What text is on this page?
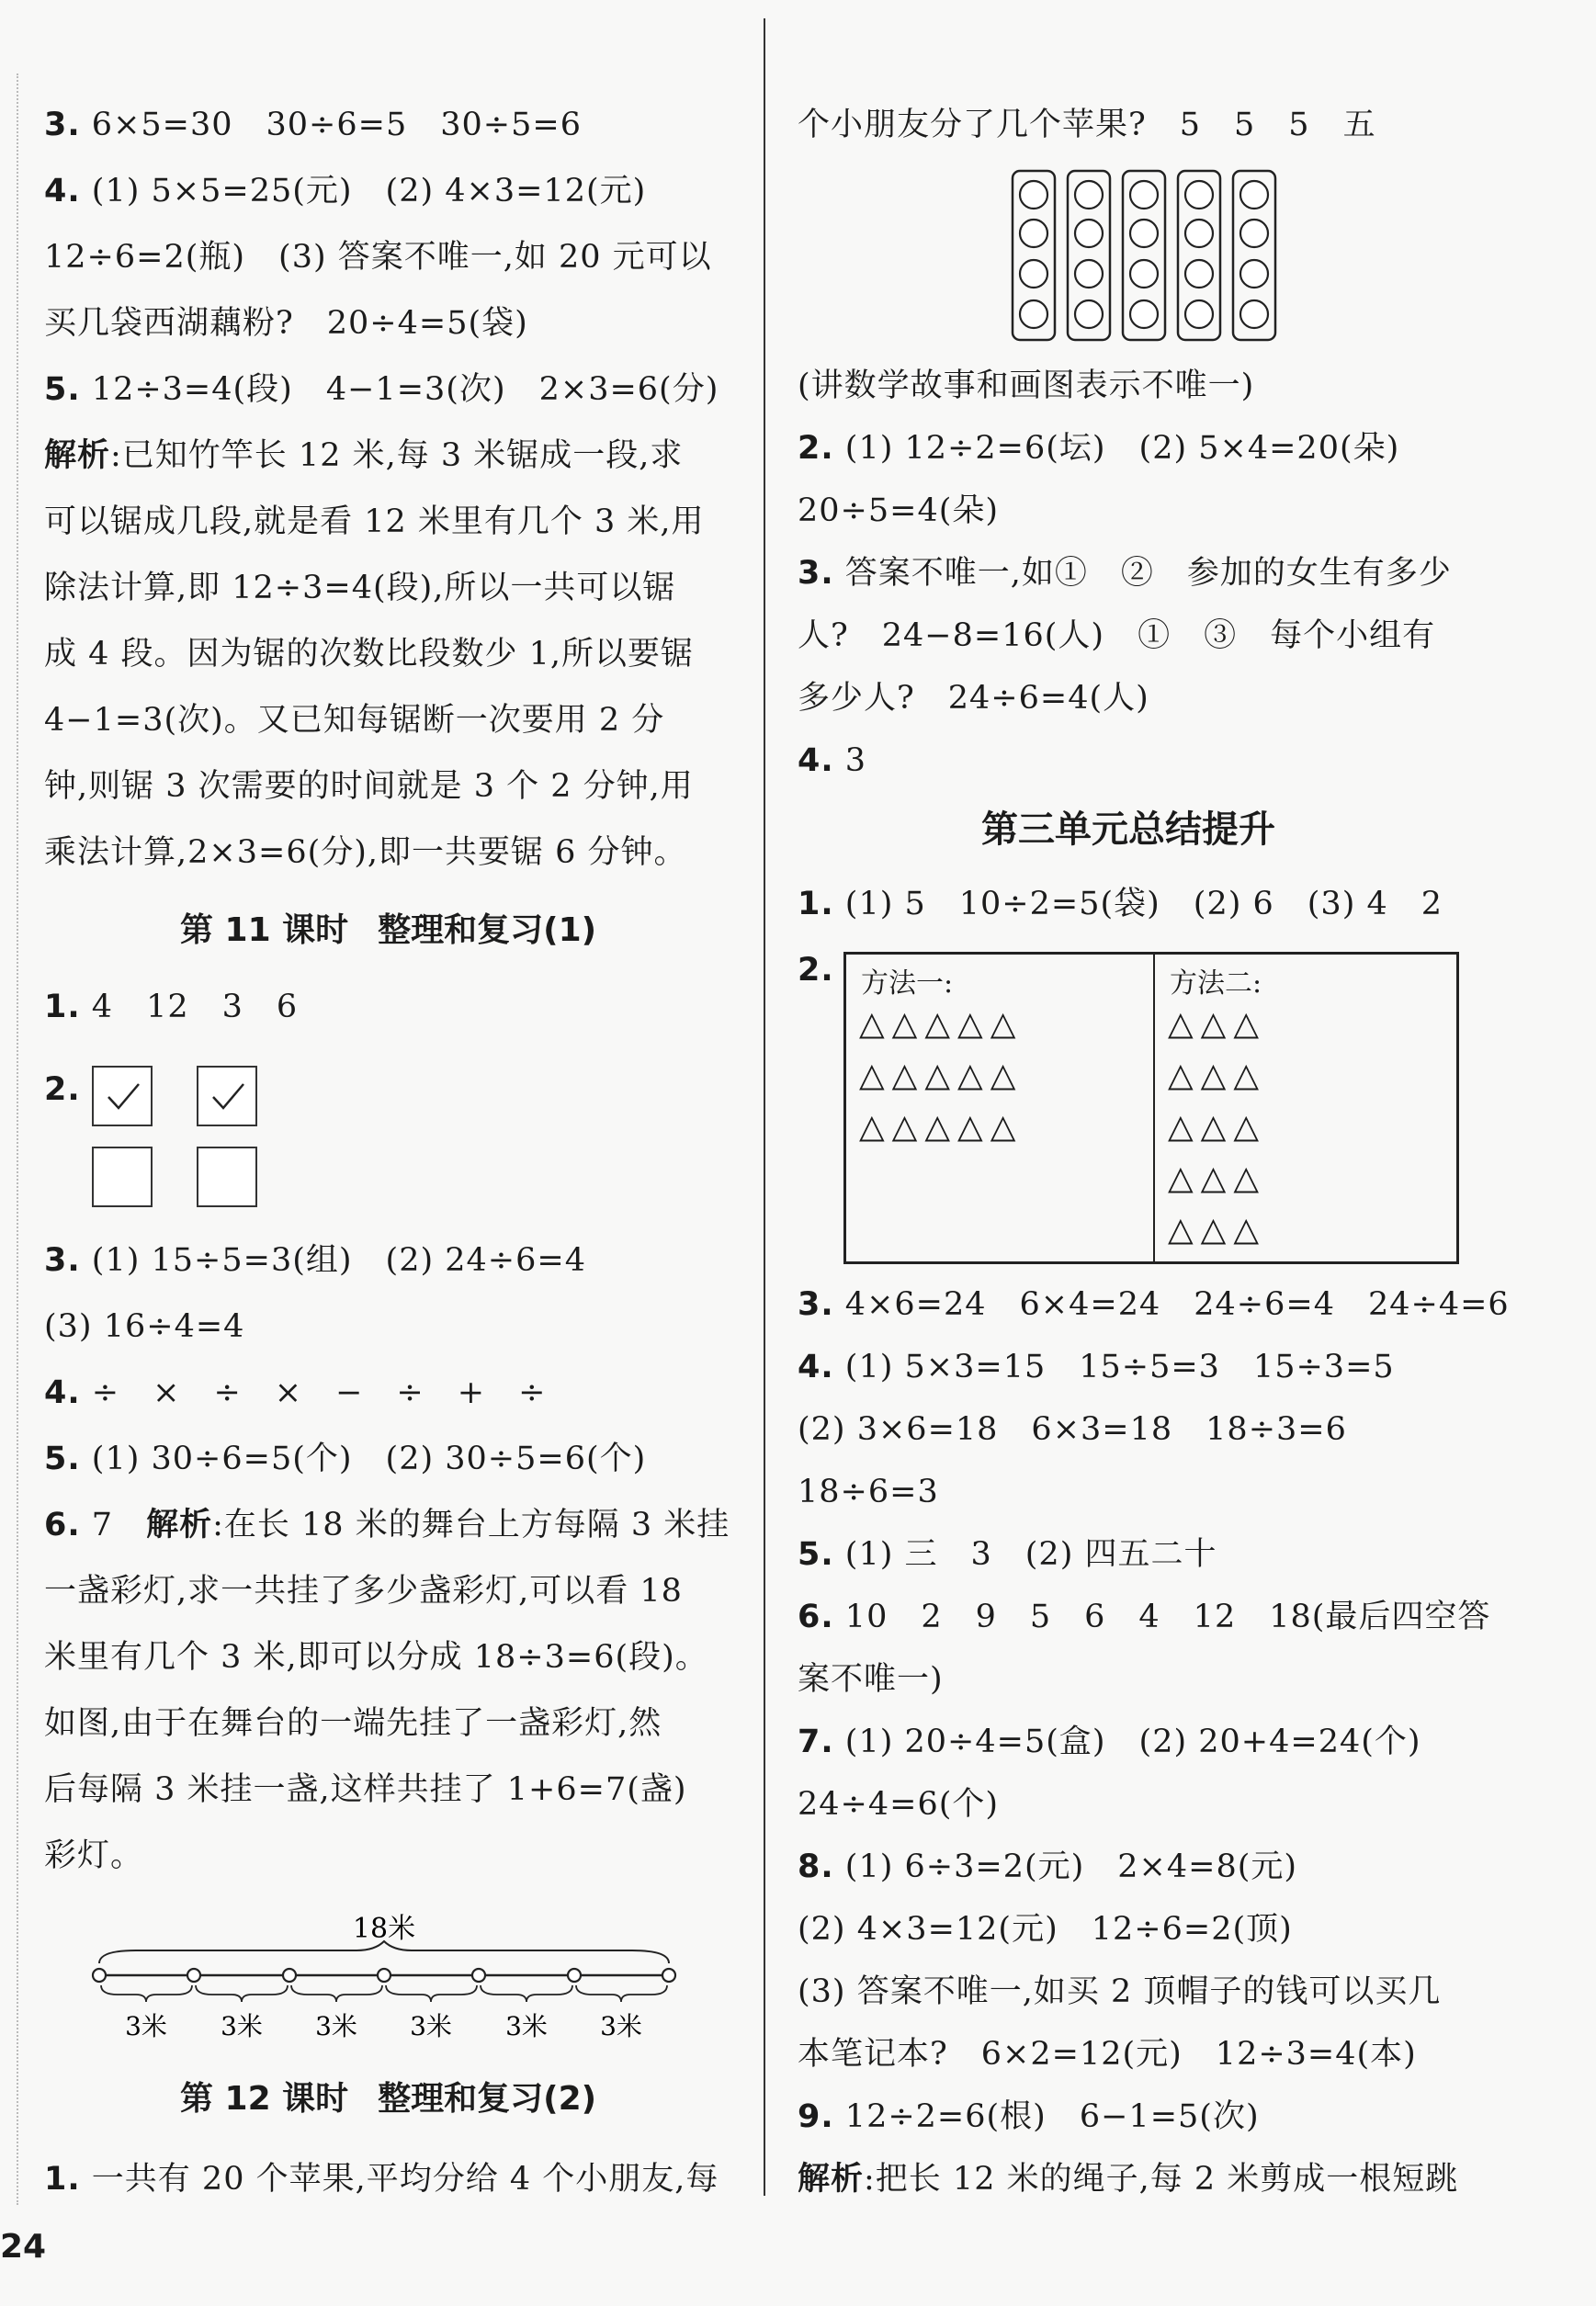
3. 6×5=30　30÷6=5　30÷5=6
4. (1) 5×5=25(元)　(2) 4×3=12(元)
12÷6=2(瓶)　(3) 答案不唯一,如 20 元可以
买几袋西湖藕粉?　20÷4=5(袋)
5. 12÷3=4(段)　4−1=3(次)　2×3=6(分)
解析:已知竹竿长 12 米,每 3 米锯成一段,求
可以锯成几段,就是看 12 米里有几个 3 米,用
除法计算,即 12÷3=4(段),所以一共可以锯
成 4 段。因为锯的次数比段数少 1,所以要锯
4−1=3(次)。又已知每锯断一次要用 2 分
钟,则锯 3 次需要的时间就是 3 个 2 分钟,用
乘法计算,2×3=6(分),即一共要锯 6 分钟。
第 11 课时 整理和复习(1)
1. 4　12　3　6
2.
3. (1) 15÷5=3(组)　(2) 24÷6=4
(3) 16÷4=4
4. ÷　×　÷　×　−　÷　+　÷
5. (1) 30÷6=5(个)　(2) 30÷5=6(个)
6. 7　 解析:在长 18 米的舞台上方每隔 3 米挂
一盏彩灯,求一共挂了多少盏彩灯,可以看 18
米里有几个 3 米,即可以分成 18÷3=6(段)。
如图,由于在舞台的一端先挂了一盏彩灯,然
后每隔 3 米挂一盏,这样共挂了 1+6=7(盏)
彩灯。
18米
3米 3米 3米 3米 3米 3米
第 12 课时 整理和复习(2)
1. 一共有 20 个苹果,平均分给 4 个小朋友,每
个小朋友分了几个苹果?　5　5　5　五
(讲数学故事和画图表示不唯一)
2. (1) 12÷2=6(坛)　(2) 5×4=20(朵)
20÷5=4(朵)
3. 答案不唯一,如①　②　参加的女生有多少
人?　24−8=16(人)　①　③　每个小组有
多少人?　24÷6=4(人)
4. 3
第三单元总结提升
1. (1) 5　10÷2=5(袋)　(2) 6　(3) 4　2
2. 方法一:	方法二:
△△△△△
△△△△△
△△△△△
△△△
△△△
△△△
△△△
△△△
3. 4×6=24　6×4=24　24÷6=4　24÷4=6
4. (1) 5×3=15　15÷5=3　15÷3=5
(2) 3×6=18　6×3=18　18÷3=6
18÷6=3
5. (1) 三　3　(2) 四五二十
6. 10　2　9　5　6　4　12　18(最后四空答
案不唯一)
7. (1) 20÷4=5(盒)　(2) 20+4=24(个)
24÷4=6(个)
8. (1) 6÷3=2(元)　2×4=8(元)
(2) 4×3=12(元)　12÷6=2(顶)
(3) 答案不唯一,如买 2 顶帽子的钱可以买几
本笔记本?　6×2=12(元)　12÷3=4(本)
9. 12÷2=6(根)　6−1=5(次)
解析:把长 12 米的绳子,每 2 米剪成一根短跳
24
